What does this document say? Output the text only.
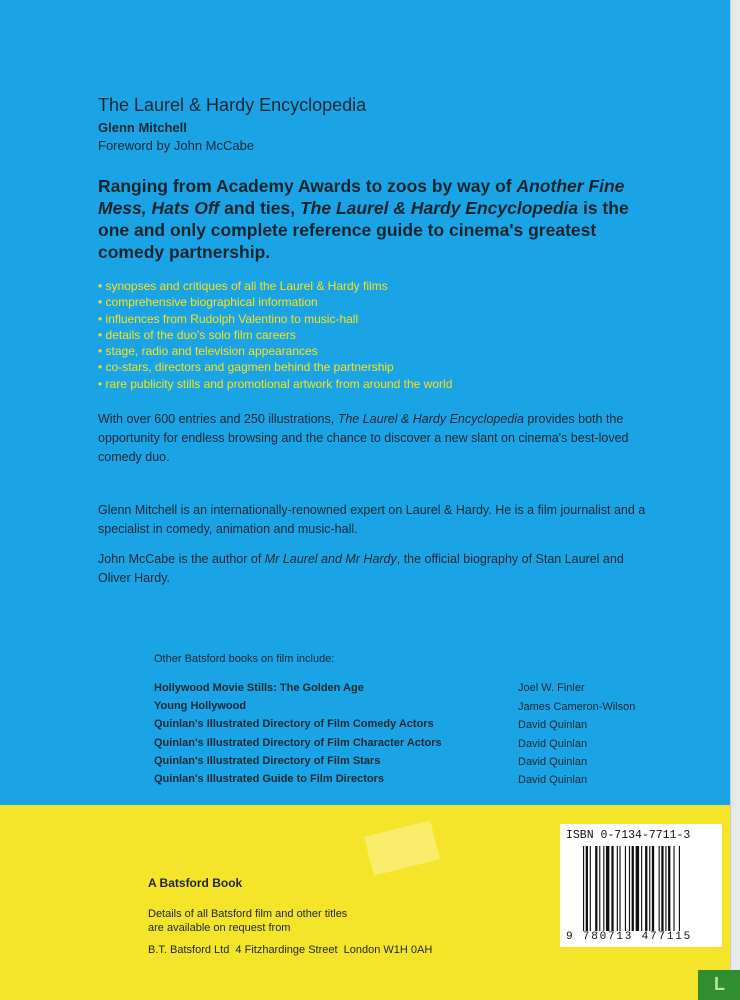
The Laurel & Hardy Encyclopedia
Glenn Mitchell
Foreword by John McCabe
Ranging from Academy Awards to zoos by way of Another Fine Mess, Hats Off and ties, The Laurel & Hardy Encyclopedia is the one and only complete reference guide to cinema's greatest comedy partnership.
• synopses and critiques of all the Laurel & Hardy films
• comprehensive biographical information
• influences from Rudolph Valentino to music-hall
• details of the duo's solo film careers
• stage, radio and television appearances
• co-stars, directors and gagmen behind the partnership
• rare publicity stills and promotional artwork from around the world
With over 600 entries and 250 illustrations, The Laurel & Hardy Encyclopedia provides both the opportunity for endless browsing and the chance to discover a new slant on cinema's best-loved comedy duo.
Glenn Mitchell is an internationally-renowned expert on Laurel & Hardy. He is a film journalist and a specialist in comedy, animation and music-hall.
John McCabe is the author of Mr Laurel and Mr Hardy, the official biography of Stan Laurel and Oliver Hardy.
Other Batsford books on film include:
Hollywood Movie Stills: The Golden Age	Joel W. Finler
Young Hollywood	James Cameron-Wilson
Quinlan's Illustrated Directory of Film Comedy Actors	David Quinlan
Quinlan's Illustrated Directory of Film Character Actors	David Quinlan
Quinlan's Illustrated Directory of Film Stars	David Quinlan
Quinlan's Illustrated Guide to Film Directors	David Quinlan
A Batsford Book
Details of all Batsford film and other titles
are available on request from
B.T. Batsford Ltd  4 Fitzhardinge Street  London W1H 0AH
ISBN 0-7134-7711-3
9 780713 477115
L
